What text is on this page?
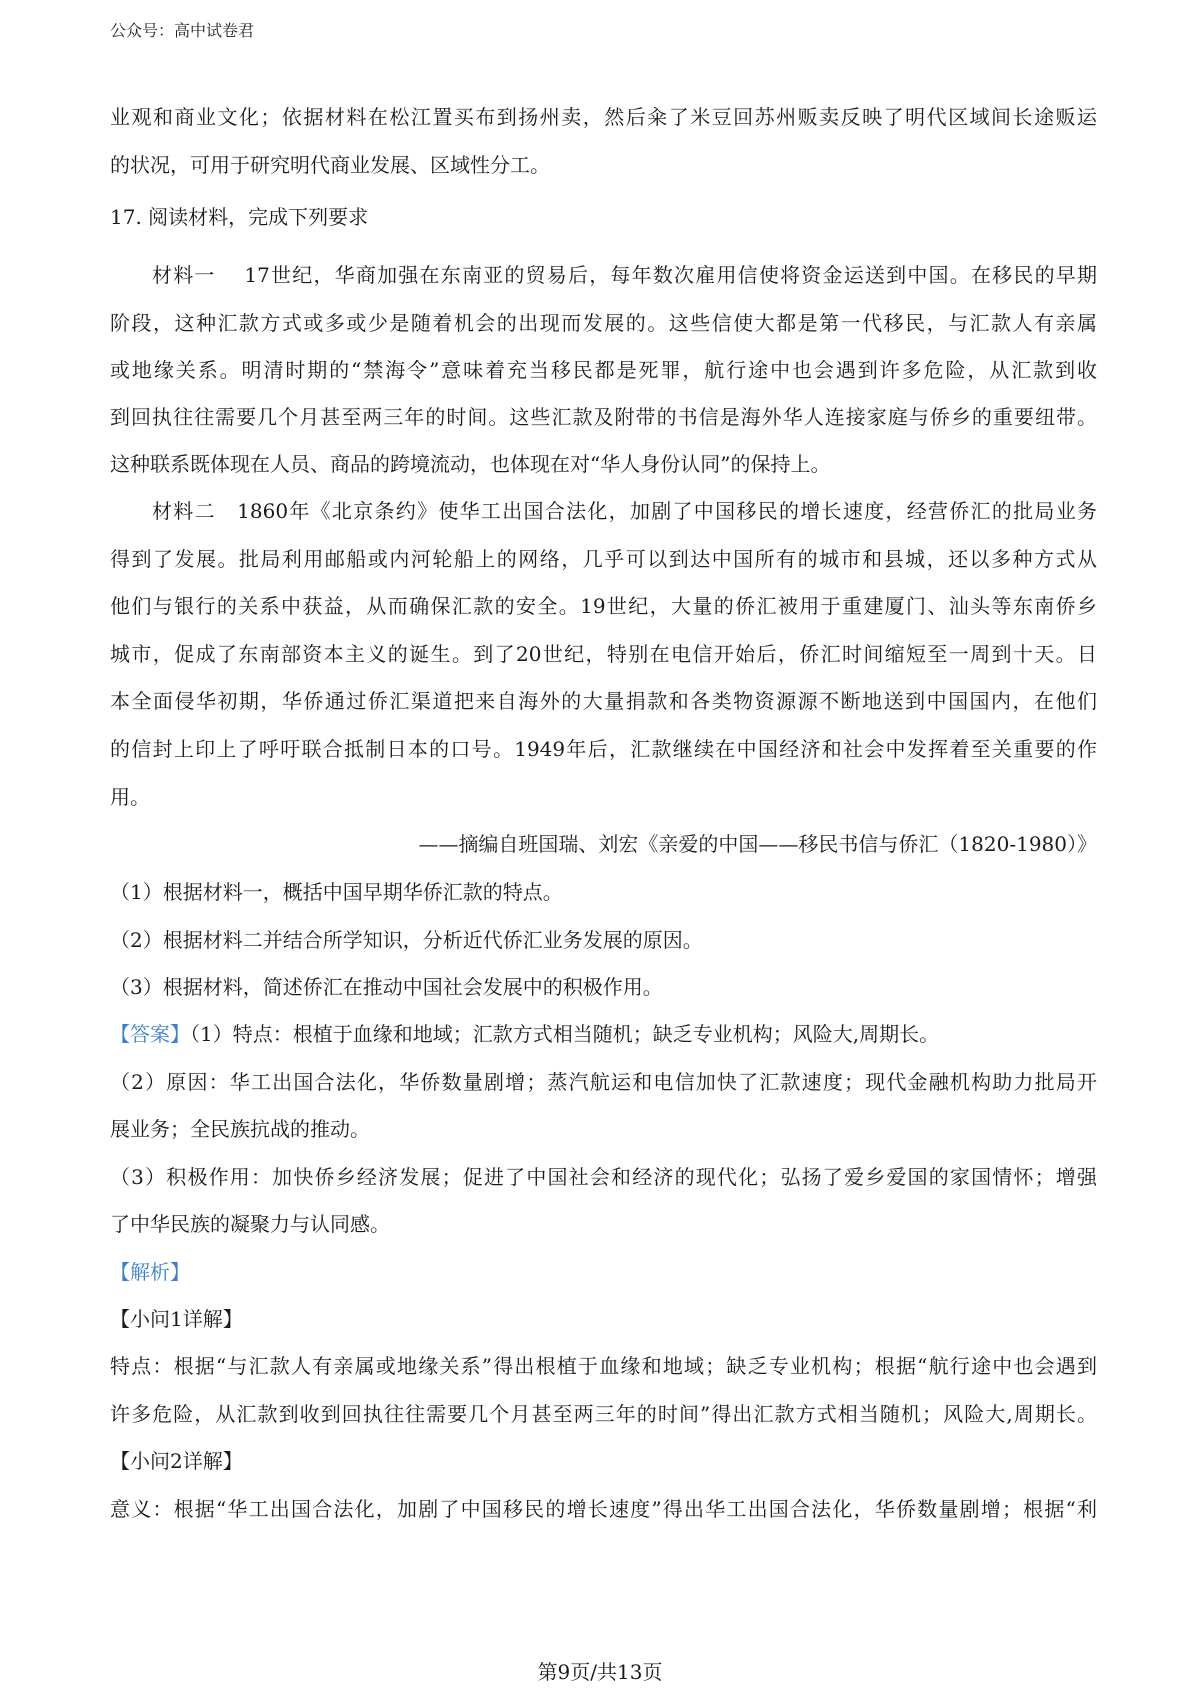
公众号：高中试卷君
业观和商业文化；依据材料在松江置买布到扬州卖，然后籴了米豆回苏州贩卖反映了明代区域间长途贩运
的状况，可用于研究明代商业发展、区域性分工。
17. 阅读材料，完成下列要求
材料一　 17世纪，华商加强在东南亚的贸易后，每年数次雇用信使将资金运送到中国。在移民的早期
阶段，这种汇款方式或多或少是随着机会的出现而发展的。这些信使大都是第一代移民，与汇款人有亲属
或地缘关系。明清时期的“禁海令”意味着充当移民都是死罪，航行途中也会遇到许多危险，从汇款到收
到回执往往需要几个月甚至两三年的时间。这些汇款及附带的书信是海外华人连接家庭与侨乡的重要纽带。
这种联系既体现在人员、商品的跨境流动，也体现在对“华人身份认同”的保持上。
材料二　1860年《北京条约》使华工出国合法化，加剧了中国移民的增长速度，经营侨汇的批局业务
得到了发展。批局利用邮船或内河轮船上的网络，几乎可以到达中国所有的城市和县城，还以多种方式从
他们与银行的关系中获益，从而确保汇款的安全。19世纪，大量的侨汇被用于重建厦门、汕头等东南侨乡
城市，促成了东南部资本主义的诞生。到了20世纪，特别在电信开始后，侨汇时间缩短至一周到十天。日
本全面侵华初期，华侨通过侨汇渠道把来自海外的大量捐款和各类物资源源不断地送到中国国内，在他们
的信封上印上了呼吁联合抵制日本的口号。1949年后，汇款继续在中国经济和社会中发挥着至关重要的作
用。
——摘编自班国瑞、刘宏《亲爱的中国——移民书信与侨汇（1820-1980）》
（1）根据材料一，概括中国早期华侨汇款的特点。
（2）根据材料二并结合所学知识，分析近代侨汇业务发展的原因。
（3）根据材料，简述侨汇在推动中国社会发展中的积极作用。
【答案】（1）特点：根植于血缘和地域；汇款方式相当随机；缺乏专业机构；风险大,周期长。
（2）原因：华工出国合法化，华侨数量剧增；蒸汽航运和电信加快了汇款速度；现代金融机构助力批局开
展业务；全民族抗战的推动。
（3）积极作用：加快侨乡经济发展；促进了中国社会和经济的现代化；弘扬了爱乡爱国的家国情怀；增强
了中华民族的凝聚力与认同感。
【解析】
【小问1详解】
特点：根据“与汇款人有亲属或地缘关系”得出根植于血缘和地域；缺乏专业机构；根据“航行途中也会遇到
许多危险，从汇款到收到回执往往需要几个月甚至两三年的时间”得出汇款方式相当随机；风险大,周期长。
【小问2详解】
意义：根据“华工出国合法化，加剧了中国移民的增长速度”得出华工出国合法化，华侨数量剧增；根据“利
第9页/共13页
